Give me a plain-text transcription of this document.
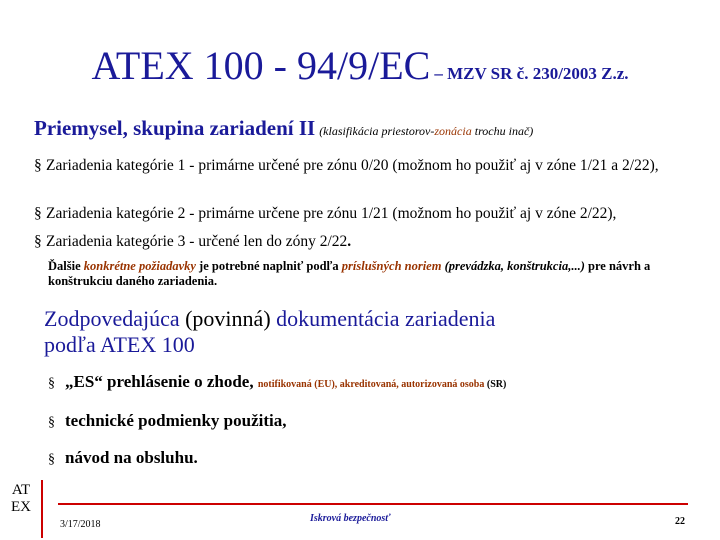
ATEX 100 - 94/9/EC – MZV SR č. 230/2003 Z.z.
Priemysel, skupina zariadení II (klasifikácia priestorov-zonácia trochu inač)
§ Zariadenia kategórie 1 - primárne určené pre zónu 0/20 (možnom ho použiť aj v zóne 1/21 a 2/22),
§ Zariadenia kategórie 2 - primárne určene pre zónu 1/21 (možnom ho použiť aj v zóne 2/22),
§ Zariadenia kategórie 3 - určené len do zóny 2/22.
Ďalšie konkrétne požiadavky je potrebné naplniť podľa príslušných noriem (prevádzka, konštrukcia,...) pre návrh a konštrukciu daného zariadenia.
Zodpovedajúca (povinná) dokumentácia zariadenia
podľa ATEX 100
§ „ES“ prehlásenie o zhode, notifikovaná (EU), akreditovaná, autorizovaná osoba (SR)
§ technické podmienky použitia,
§ návod na obsluhu.
AT
EX
3/17/2018
Iskrová bezpečnosť	22
